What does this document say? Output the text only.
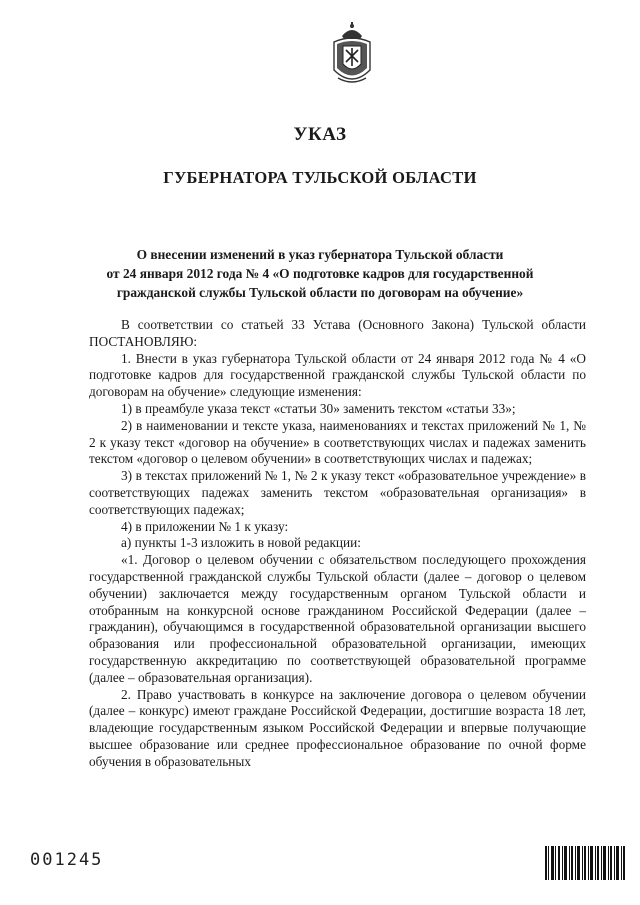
УКАЗ
ГУБЕРНАТОРА ТУЛЬСКОЙ ОБЛАСТИ
О внесении изменений в указ губернатора Тульской области
от 24 января 2012 года № 4 «О подготовке кадров для государственной
гражданской службы Тульской области по договорам на обучение»

В соответствии со статьей 33 Устава (Основного Закона) Тульской области ПОСТАНОВЛЯЮ:

1. Внести в указ губернатора Тульской области от 24 января 2012 года № 4 «О подготовке кадров для государственной гражданской службы Тульской области по договорам на обучение» следующие изменения:

1) в преамбуле указа текст «статьи 30» заменить текстом «статьи 33»;

2) в наименовании и тексте указа, наименованиях и текстах приложений № 1, № 2 к указу текст «договор на обучение» в соответствующих числах и падежах заменить текстом «договор о целевом обучении» в соответствующих числах и падежах;

3) в текстах приложений № 1, № 2 к указу текст «образовательное учреждение» в соответствующих падежах заменить текстом «образовательная организация» в соответствующих падежах;

4) в приложении № 1 к указу:

а) пункты 1-3 изложить в новой редакции:

«1. Договор о целевом обучении с обязательством последующего прохождения государственной гражданской службы Тульской области (далее – договор о целевом обучении) заключается между государственным органом Тульской области и отобранным на конкурсной основе гражданином Российской Федерации (далее – гражданин), обучающимся в государственной образовательной организации высшего образования или профессиональной образовательной организации, имеющих государственную аккредитацию по соответствующей образовательной программе (далее – образовательная организация).

2. Право участвовать в конкурсе на заключение договора о целевом обучении (далее – конкурс) имеют граждане Российской Федерации, достигшие возраста 18 лет, владеющие государственным языком Российской Федерации и впервые получающие высшее образование или среднее профессиональное образование по очной форме обучения в образовательных

001245
